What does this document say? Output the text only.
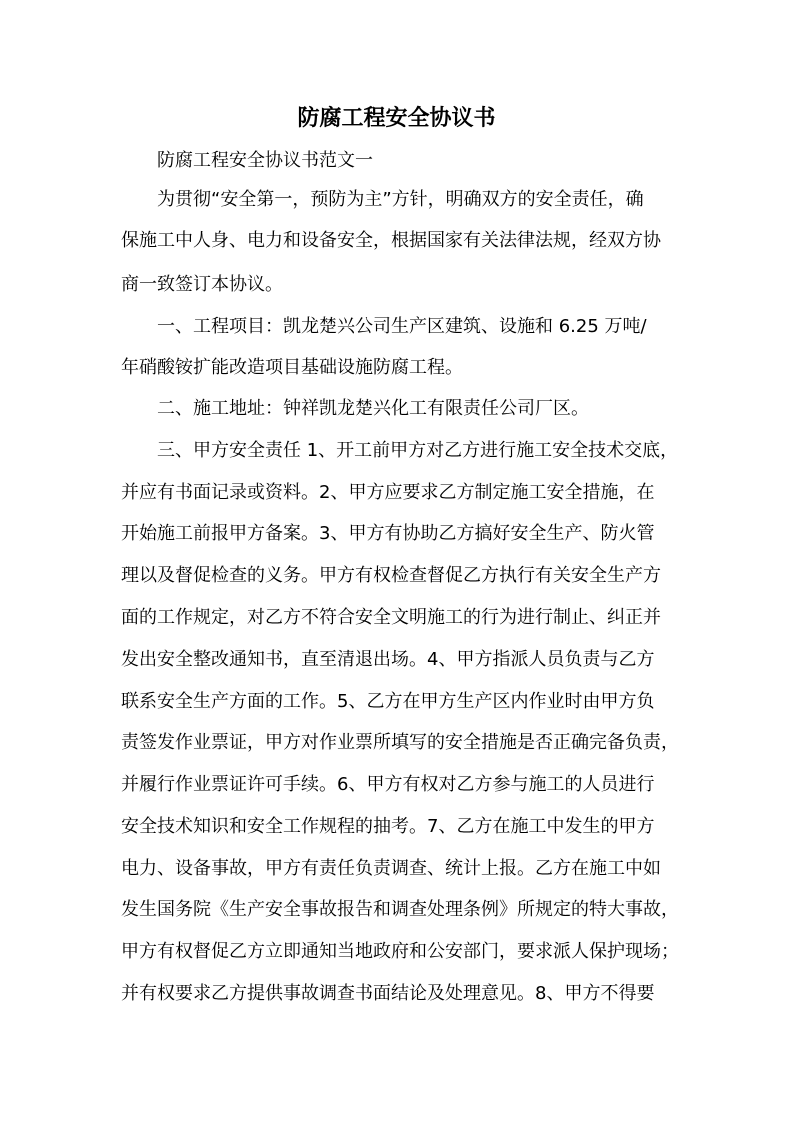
防腐工程安全协议书

防腐工程安全协议书范文一

为贯彻“安全第一，预防为主”方针，明确双方的安全责任，确

保施工中人身、电力和设备安全，根据国家有关法律法规，经双方协

商一致签订本协议。

一、工程项目：凯龙楚兴公司生产区建筑、设施和 6.25 万吨/

年硝酸铵扩能改造项目基础设施防腐工程。

二、施工地址：钟祥凯龙楚兴化工有限责任公司厂区。

三、甲方安全责任 1、开工前甲方对乙方进行施工安全技术交底，

并应有书面记录或资料。2、甲方应要求乙方制定施工安全措施，在

开始施工前报甲方备案。3、甲方有协助乙方搞好安全生产、防火管

理以及督促检查的义务。甲方有权检查督促乙方执行有关安全生产方

面的工作规定，对乙方不符合安全文明施工的行为进行制止、纠正并

发出安全整改通知书，直至清退出场。4、甲方指派人员负责与乙方

联系安全生产方面的工作。5、乙方在甲方生产区内作业时由甲方负

责签发作业票证，甲方对作业票所填写的安全措施是否正确完备负责，

并履行作业票证许可手续。6、甲方有权对乙方参与施工的人员进行

安全技术知识和安全工作规程的抽考。7、乙方在施工中发生的甲方

电力、设备事故，甲方有责任负责调查、统计上报。乙方在施工中如

发生国务院《生产安全事故报告和调查处理条例》所规定的特大事故，

甲方有权督促乙方立即通知当地政府和公安部门，要求派人保护现场；

并有权要求乙方提供事故调查书面结论及处理意见。8、甲方不得要
